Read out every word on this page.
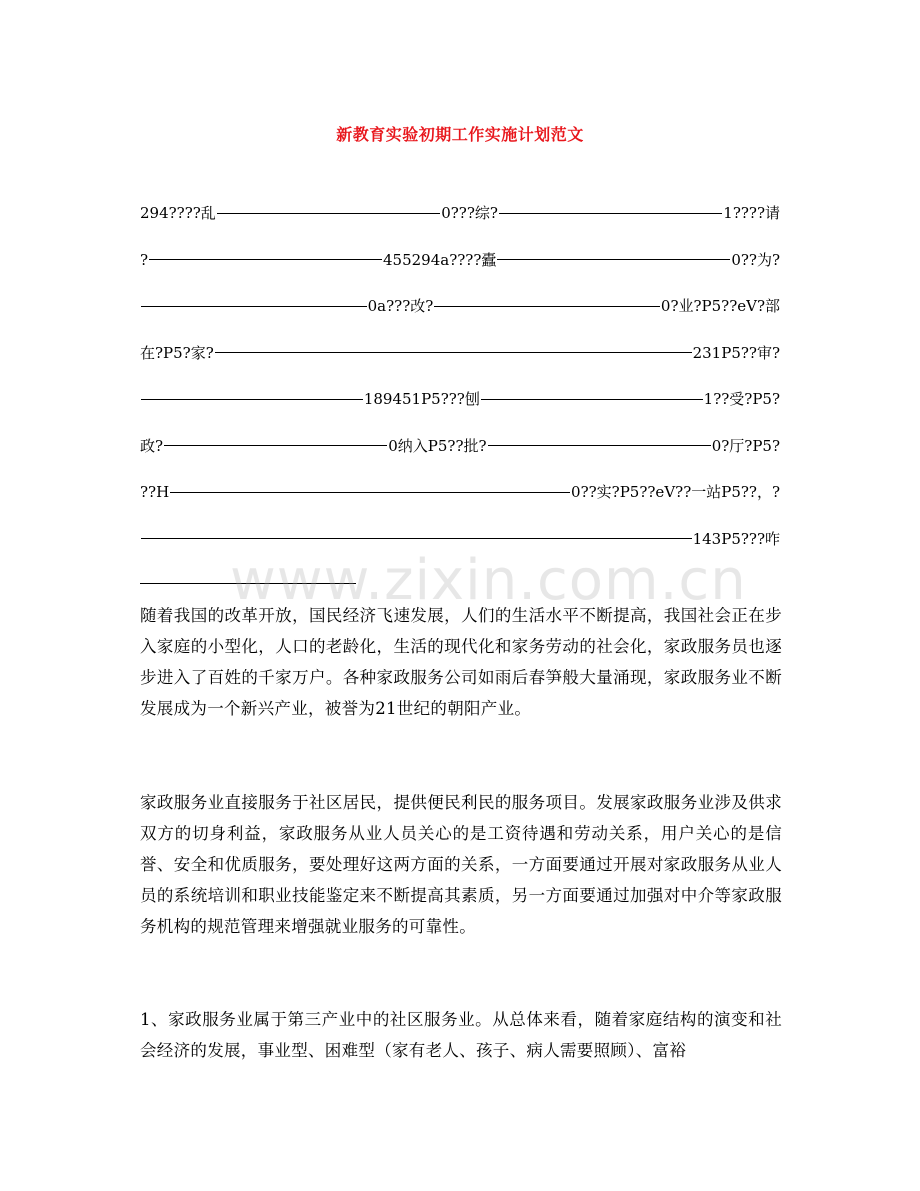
新教育实验初期工作实施计划范文
294????乱	0???综?	1????请
?	455294a????蠹	0??为?
0a???改?	0?业?P5??eV?部
在?P5?家?	231P5??审?
189451P5???刨	1??受?P5?
政?	0纳入P5??批?	0?厅?P5?
??H	0??实?P5??eV??一站P5??，?
143P5???咋
随着我国的改革开放，国民经济飞速发展，人们的生活水平不断提高，我国社会正在步入家庭的小型化，人口的老龄化，生活的现代化和家务劳动的社会化，家政服务员也逐步进入了百姓的千家万户。各种家政服务公司如雨后春笋般大量涌现，家政服务业不断发展成为一个新兴产业，被誉为21世纪的朝阳产业。
家政服务业直接服务于社区居民，提供便民利民的服务项目。发展家政服务业涉及供求双方的切身利益，家政服务从业人员关心的是工资待遇和劳动关系，用户关心的是信誉、安全和优质服务，要处理好这两方面的关系，一方面要通过开展对家政服务从业人员的系统培训和职业技能鉴定来不断提高其素质，另一方面要通过加强对中介等家政服务机构的规范管理来增强就业服务的可靠性。
1、家政服务业属于第三产业中的社区服务业。从总体来看，随着家庭结构的演变和社会经济的发展，事业型、困难型（家有老人、孩子、病人需要照顾）、富裕
www.zixin.com.cn
